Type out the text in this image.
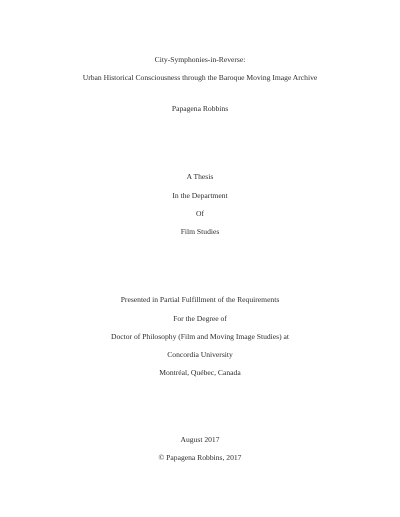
City-Symphonies-in-Reverse:
Urban Historical Consciousness through the Baroque Moving Image Archive
Papagena Robbins
A Thesis
In the Department
Of
Film Studies
Presented in Partial Fulfillment of the Requirements
For the Degree of
Doctor of Philosophy (Film and Moving Image Studies) at
Concordia University
Montréal, Québec, Canada
August 2017
© Papagena Robbins, 2017
